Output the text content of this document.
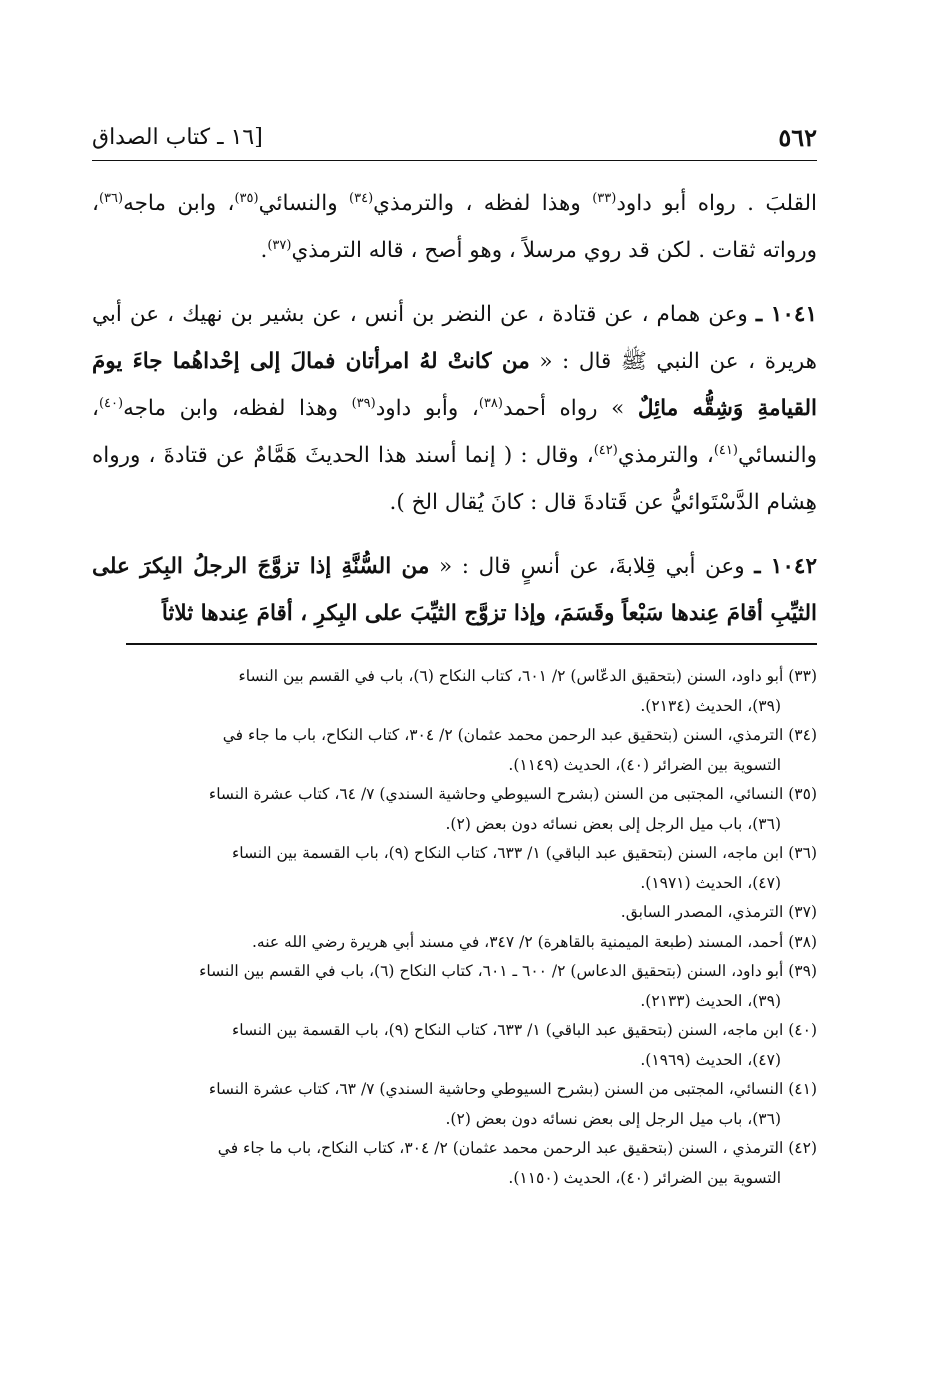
٥٦٢
[١٦ ـ كتاب الصداق

القلبَ . رواه أبو داود$^{(٣٣)}$ وهذا لفظه ، والترمذي$^{(٣٤)}$ والنسائي$^{(٣٥)}$، وابن ماجه$^{(٣٦)}$، ورواته ثقات . لكن قد روي مرسلاً ، وهو أصح ، قاله الترمذي$^{(٣٧)}$.

١٠٤١ ـ وعن همام ، عن قتادة ، عن النضر بن أنس ، عن بشير بن نهيك ، عن أبي هريرة ، عن النبي ﷺ قال : « من كانتْ لهُ امرأتان فمالَ إلى إحْداهُما جاءَ يومَ القيامةِ وَشِقُّه مائِلٌ » رواه أحمد$^{(٣٨)}$، وأبو داود$^{(٣٩)}$ وهذا لفظه، وابن ماجه$^{(٤٠)}$، والنسائي$^{(٤١)}$، والترمذي$^{(٤٢)}$، وقال : ( إنما أسند هذا الحديثَ هَمَّامٌ عن قتادةَ ، ورواه هِشام الدَّسْتَوائيُّ عن قَتادةَ قال : كانَ يُقال الخ ).

١٠٤٢ ـ وعن أبي قِلابةَ، عن أنسٍ قال : « من السُّنَّةِ إذا تزوَّجَ الرجلُ البِكرَ على الثيِّبِ أقامَ عِندها سَبْعاً وقَسَمَ، وإذا تزوَّج الثيِّبَ على البِكرِ ، أقامَ عِندها ثلاثاً

(٣٣) أبو داود، السنن (بتحقيق الدعّاس) ٢/ ٦٠١، كتاب النكاح (٦)، باب في القسم بين النساء

(٣٩)، الحديث (٢١٣٤).

(٣٤) الترمذي، السنن (بتحقيق عبد الرحمن محمد عثمان) ٢/ ٣٠٤، كتاب النكاح، باب ما جاء في

التسوية بين الضرائر (٤٠)، الحديث (١١٤٩).

(٣٥) النسائي، المجتبى من السنن (بشرح السيوطي وحاشية السندي) ٧/ ٦٤، كتاب عشرة النساء

(٣٦)، باب ميل الرجل إلى بعض نسائه دون بعض (٢).

(٣٦) ابن ماجه، السنن (بتحقيق عبد الباقي) ١/ ٦٣٣، كتاب النكاح (٩)، باب القسمة بين النساء

(٤٧)، الحديث (١٩٧١).

(٣٧) الترمذي، المصدر السابق.

(٣٨) أحمد، المسند (طبعة الميمنية بالقاهرة) ٢/ ٣٤٧، في مسند أبي هريرة رضي الله عنه.

(٣٩) أبو داود، السنن (بتحقيق الدعاس) ٢/ ٦٠٠ ـ ٦٠١، كتاب النكاح (٦)، باب في القسم بين النساء

(٣٩)، الحديث (٢١٣٣).

(٤٠) ابن ماجه، السنن (بتحقيق عبد الباقي) ١/ ٦٣٣، كتاب النكاح (٩)، باب القسمة بين النساء

(٤٧)، الحديث (١٩٦٩).

(٤١) النسائي، المجتبى من السنن (بشرح السيوطي وحاشية السندي) ٧/ ٦٣، كتاب عشرة النساء

(٣٦)، باب ميل الرجل إلى بعض نسائه دون بعض (٢).

(٤٢) الترمذي ، السنن (بتحقيق عبد الرحمن محمد عثمان) ٢/ ٣٠٤، كتاب النكاح، باب ما جاء في

التسوية بين الضرائر (٤٠)، الحديث (١١٥٠).
